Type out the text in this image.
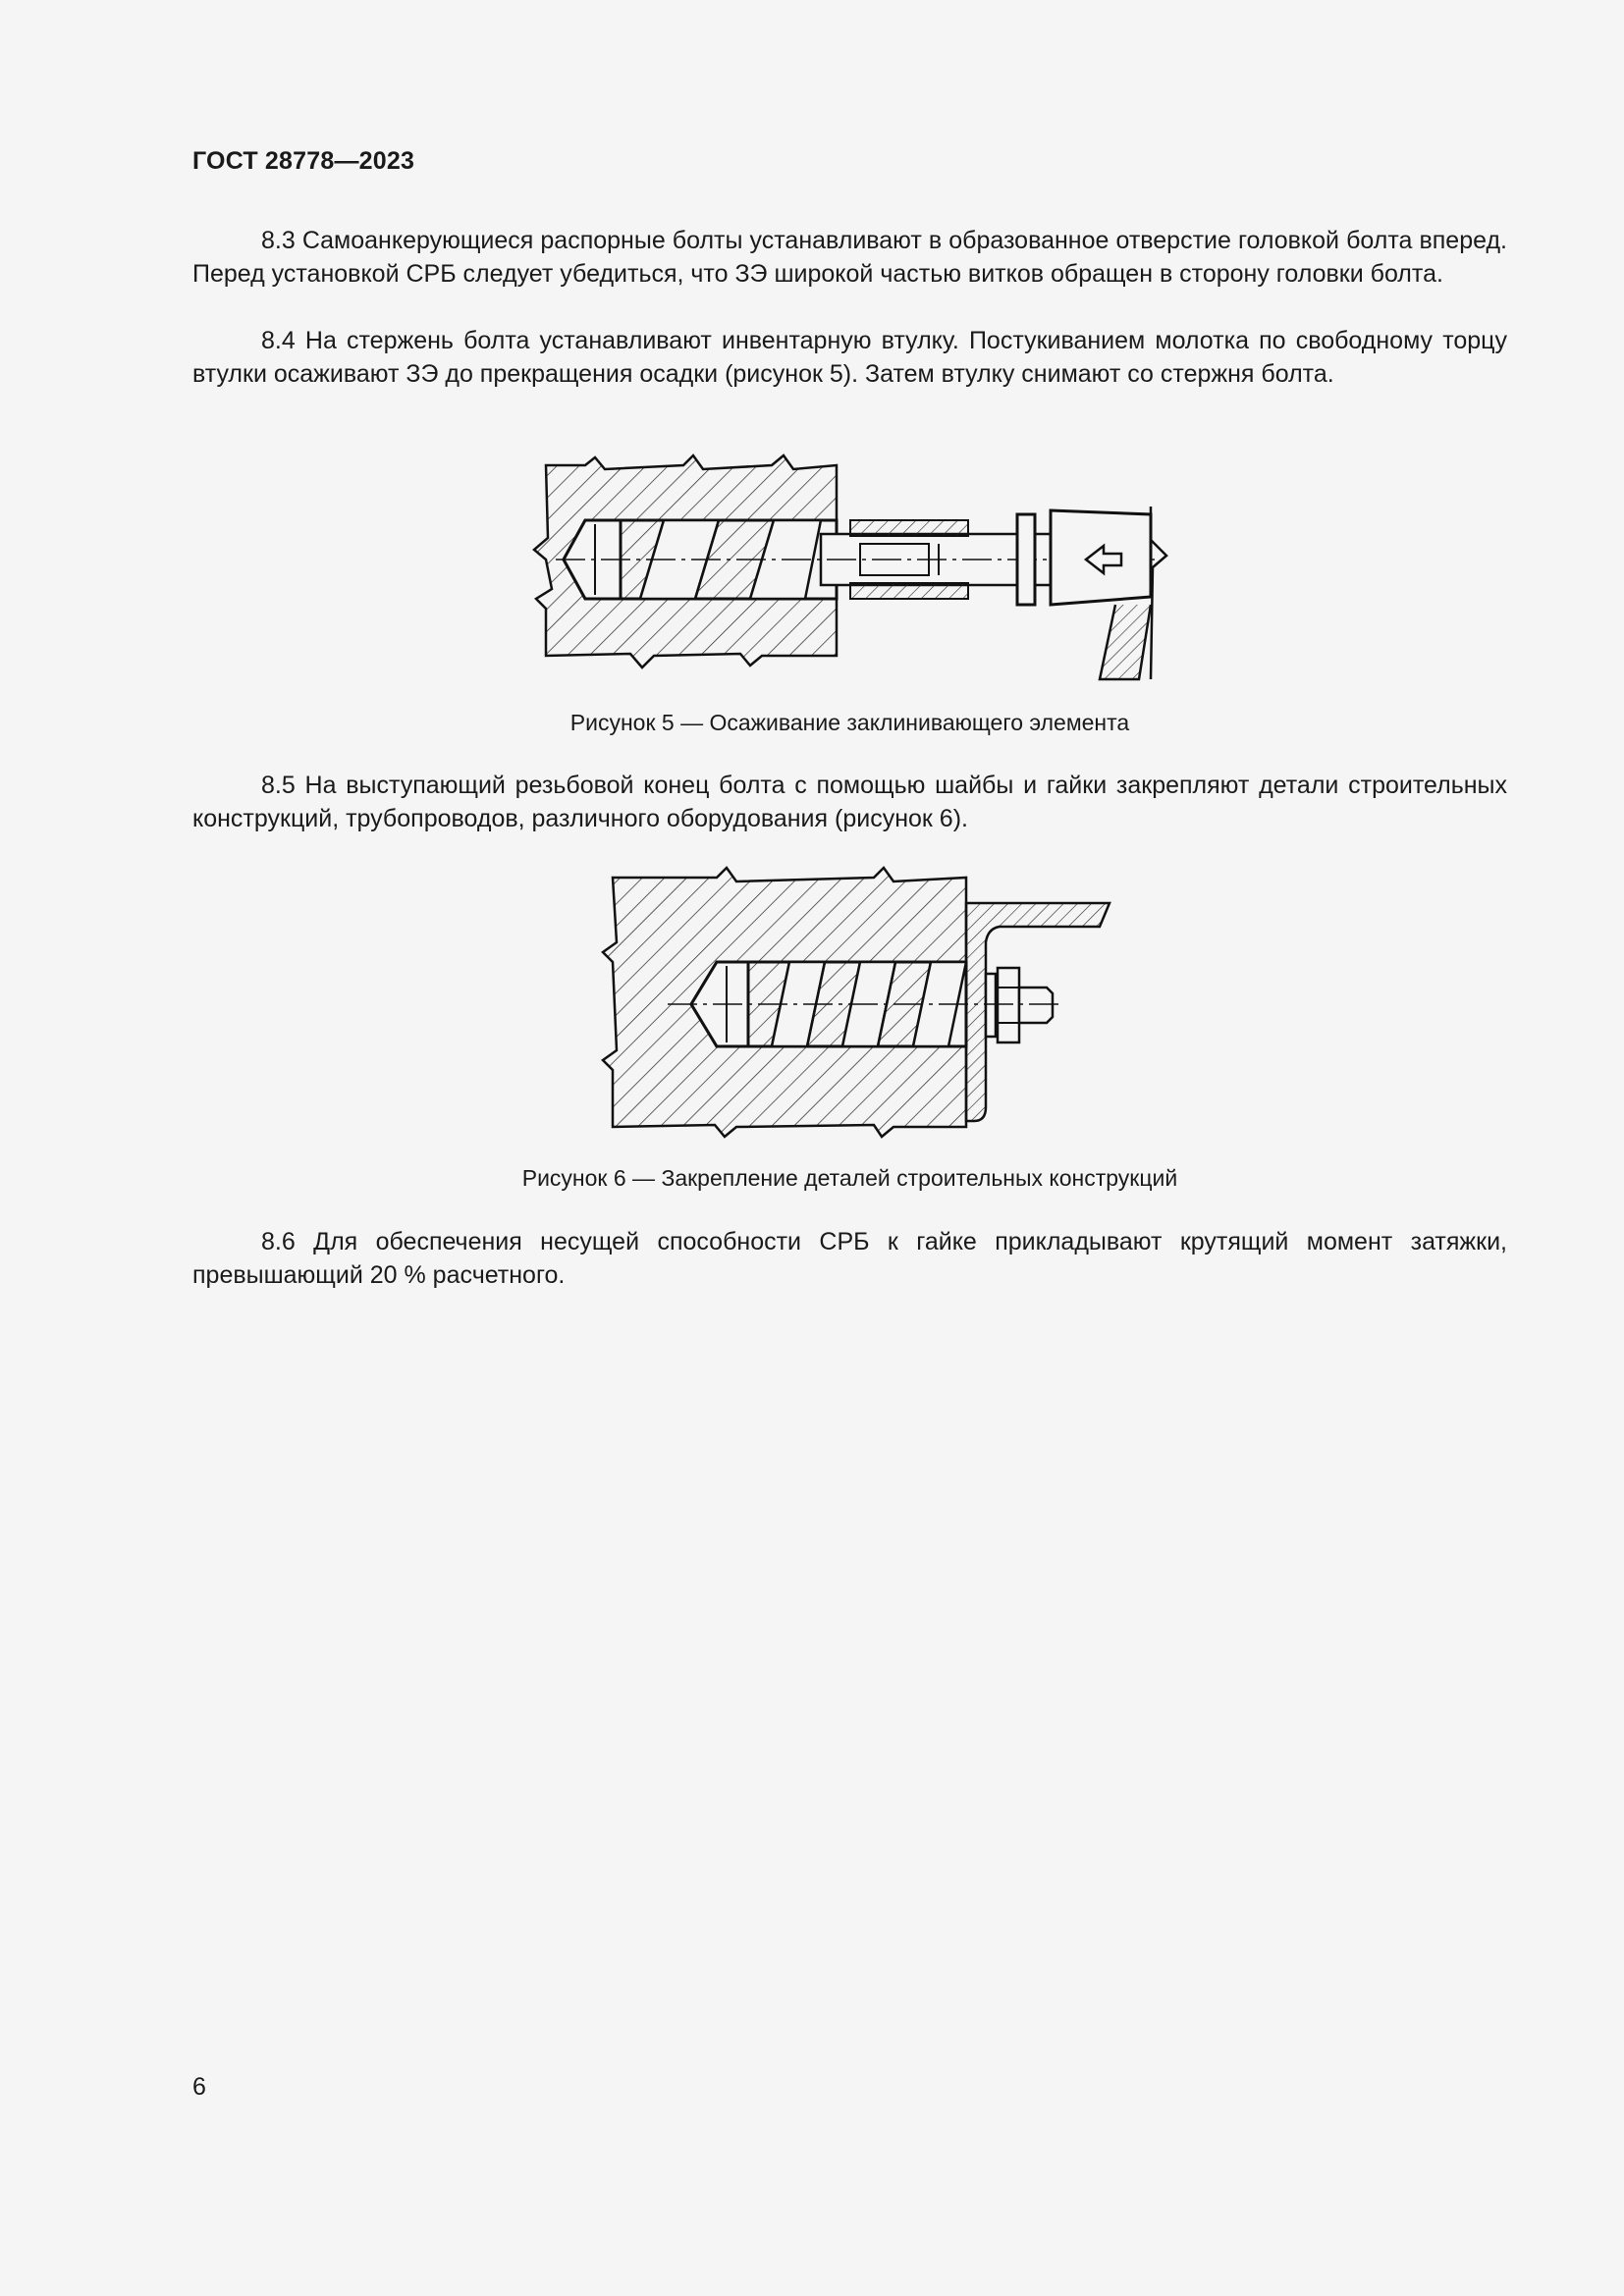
ГОСТ 28778—2023

8.3 Самоанкерующиеся распорные болты устанавливают в образованное отверстие головкой болта вперед. Перед установкой СРБ следует убедиться, что ЗЭ широкой частью витков обращен в сторону головки болта.

8.4 На стержень болта устанавливают инвентарную втулку. Постукиванием молотка по свободному торцу втулки осаживают ЗЭ до прекращения осадки (рисунок 5). Затем втулку снимают со стержня болта.

Рисунок 5 — Осаживание заклинивающего элемента

8.5 На выступающий резьбовой конец болта с помощью шайбы и гайки закрепляют детали строительных конструкций, трубопроводов, различного оборудования (рисунок 6).

Рисунок 6 — Закрепление деталей строительных конструкций

8.6 Для обеспечения несущей способности СРБ к гайке прикладывают крутящий момент затяжки, превышающий 20 % расчетного.

6
